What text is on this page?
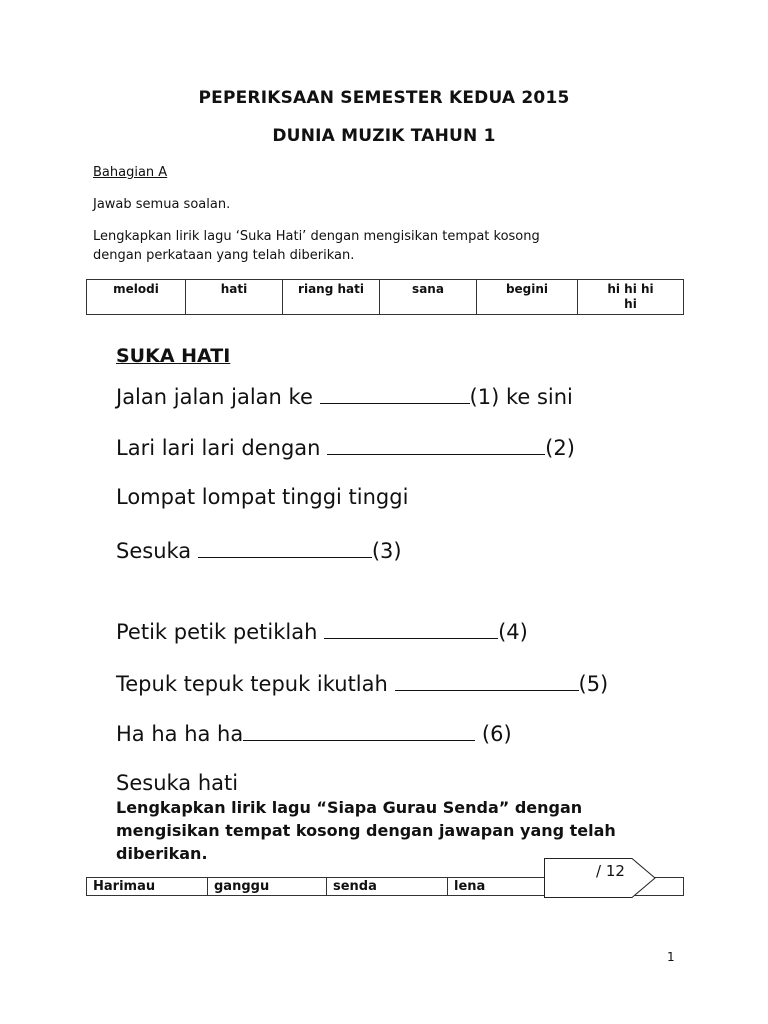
PEPERIKSAAN SEMESTER KEDUA 2015
DUNIA MUZIK TAHUN 1
Bahagian A
Jawab semua soalan.
Lengkapkan lirik lagu ‘Suka Hati’ dengan mengisikan tempat kosong
dengan perkataan yang telah diberikan.
melodi	hati	riang hati	sana	begini	hi hi hi
hi
SUKA HATI
Jalan jalan jalan ke	(1) ke sini
Lari lari lari dengan	(2)
Lompat lompat tinggi tinggi
Sesuka	(3)
Petik petik petiklah	(4)
Tepuk tepuk tepuk ikutlah	(5)
Ha ha ha ha	(6)
Sesuka hati
Lengkapkan lirik lagu “Siapa Gurau Senda” dengan
mengisikan tempat kosong dengan jawapan yang telah
diberikan.
Harimau	ganggu	senda	lena	
/ 12
1
